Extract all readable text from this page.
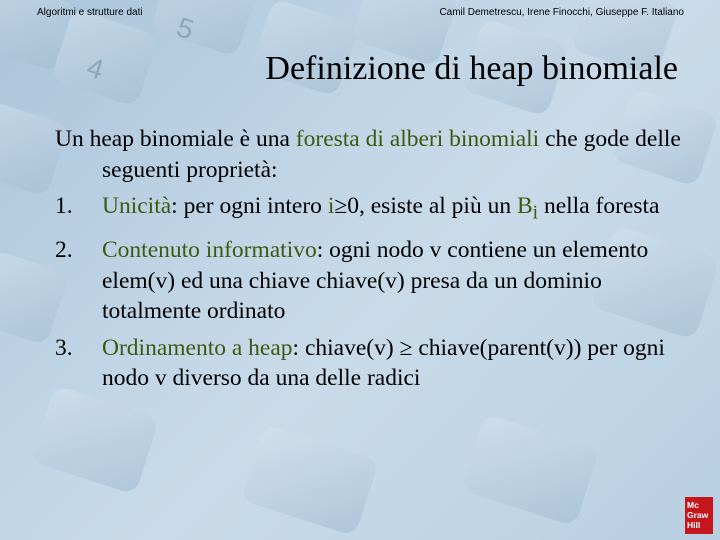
4
5
Algoritmi e strutture dati	Camil Demetrescu, Irene Finocchi, Giuseppe F. Italiano
Definizione di heap binomiale

Un heap binomiale è una foresta di alberi binomiali che gode delle seguenti proprietà:

1. Unicità: per ogni intero i≥0, esiste al più un $B_i$ nella foresta

2. Contenuto informativo: ogni nodo v contiene un elemento elem(v) ed una chiave chiave(v) presa da un dominio totalmente ordinato

3. Ordinamento a heap: chiave(v) ≥ chiave(parent(v)) per ogni nodo v diverso da una delle radici

Mc
Graw
Hill
